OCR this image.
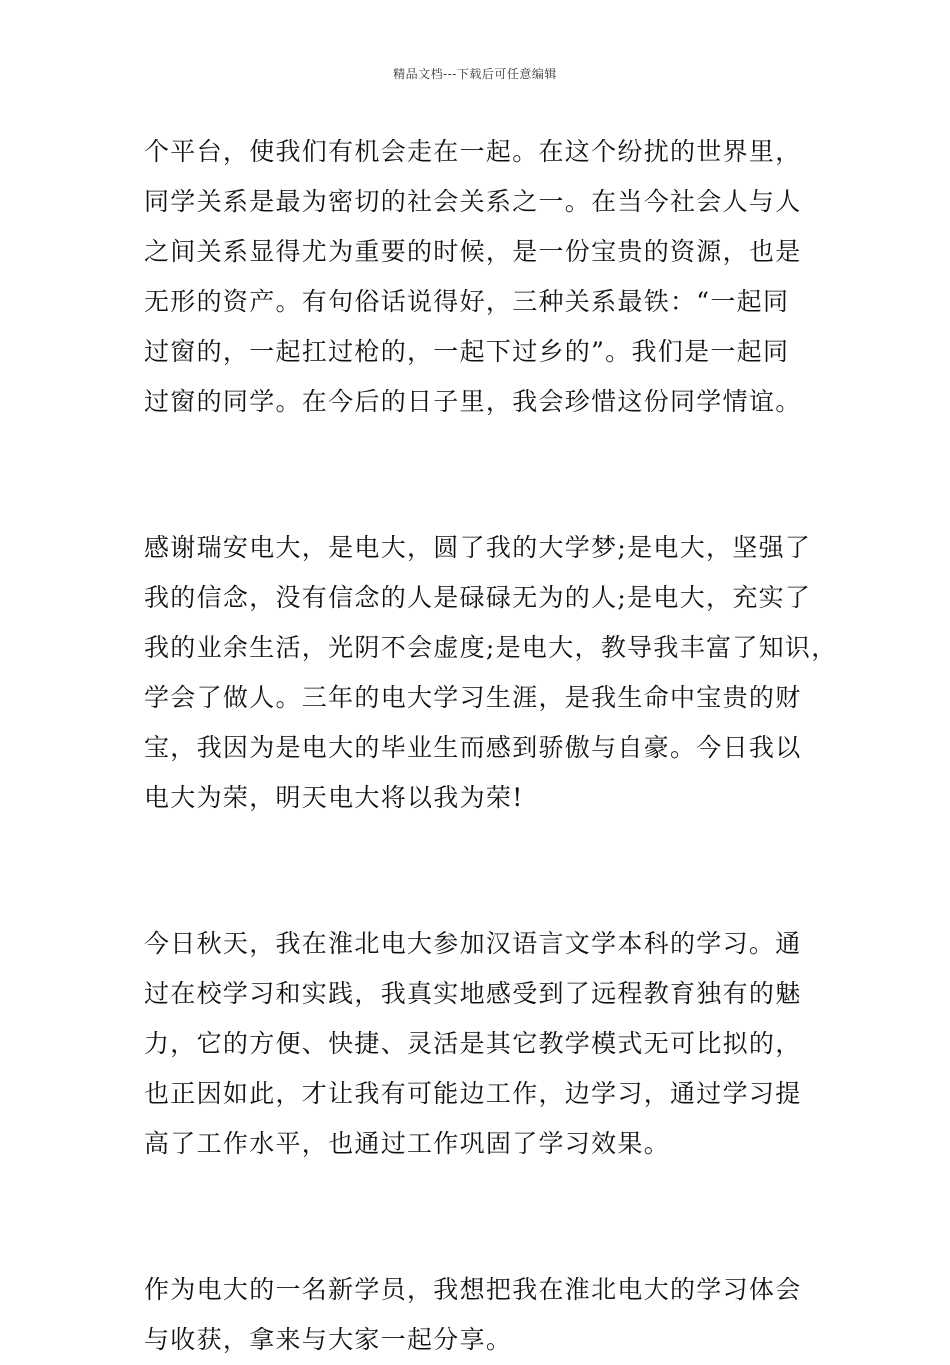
精品文档---下载后可任意编辑
个平台，使我们有机会走在一起。在这个纷扰的世界里，
同学关系是最为密切的社会关系之一。在当今社会人与人
之间关系显得尤为重要的时候，是一份宝贵的资源，也是
无形的资产。有句俗话说得好，三种关系最铁：“一起同
过窗的，一起扛过枪的，一起下过乡的”。我们是一起同
过窗的同学。在今后的日子里，我会珍惜这份同学情谊。
感谢瑞安电大，是电大，圆了我的大学梦;是电大，坚强了
我的信念，没有信念的人是碌碌无为的人;是电大，充实了
我的业余生活，光阴不会虚度;是电大，教导我丰富了知识，
学会了做人。三年的电大学习生涯，是我生命中宝贵的财
宝，我因为是电大的毕业生而感到骄傲与自豪。今日我以
电大为荣，明天电大将以我为荣!
今日秋天，我在淮北电大参加汉语言文学本科的学习。通
过在校学习和实践，我真实地感受到了远程教育独有的魅
力，它的方便、快捷、灵活是其它教学模式无可比拟的，
也正因如此，才让我有可能边工作，边学习，通过学习提
高了工作水平，也通过工作巩固了学习效果。
作为电大的一名新学员，我想把我在淮北电大的学习体会
与收获，拿来与大家一起分享。
